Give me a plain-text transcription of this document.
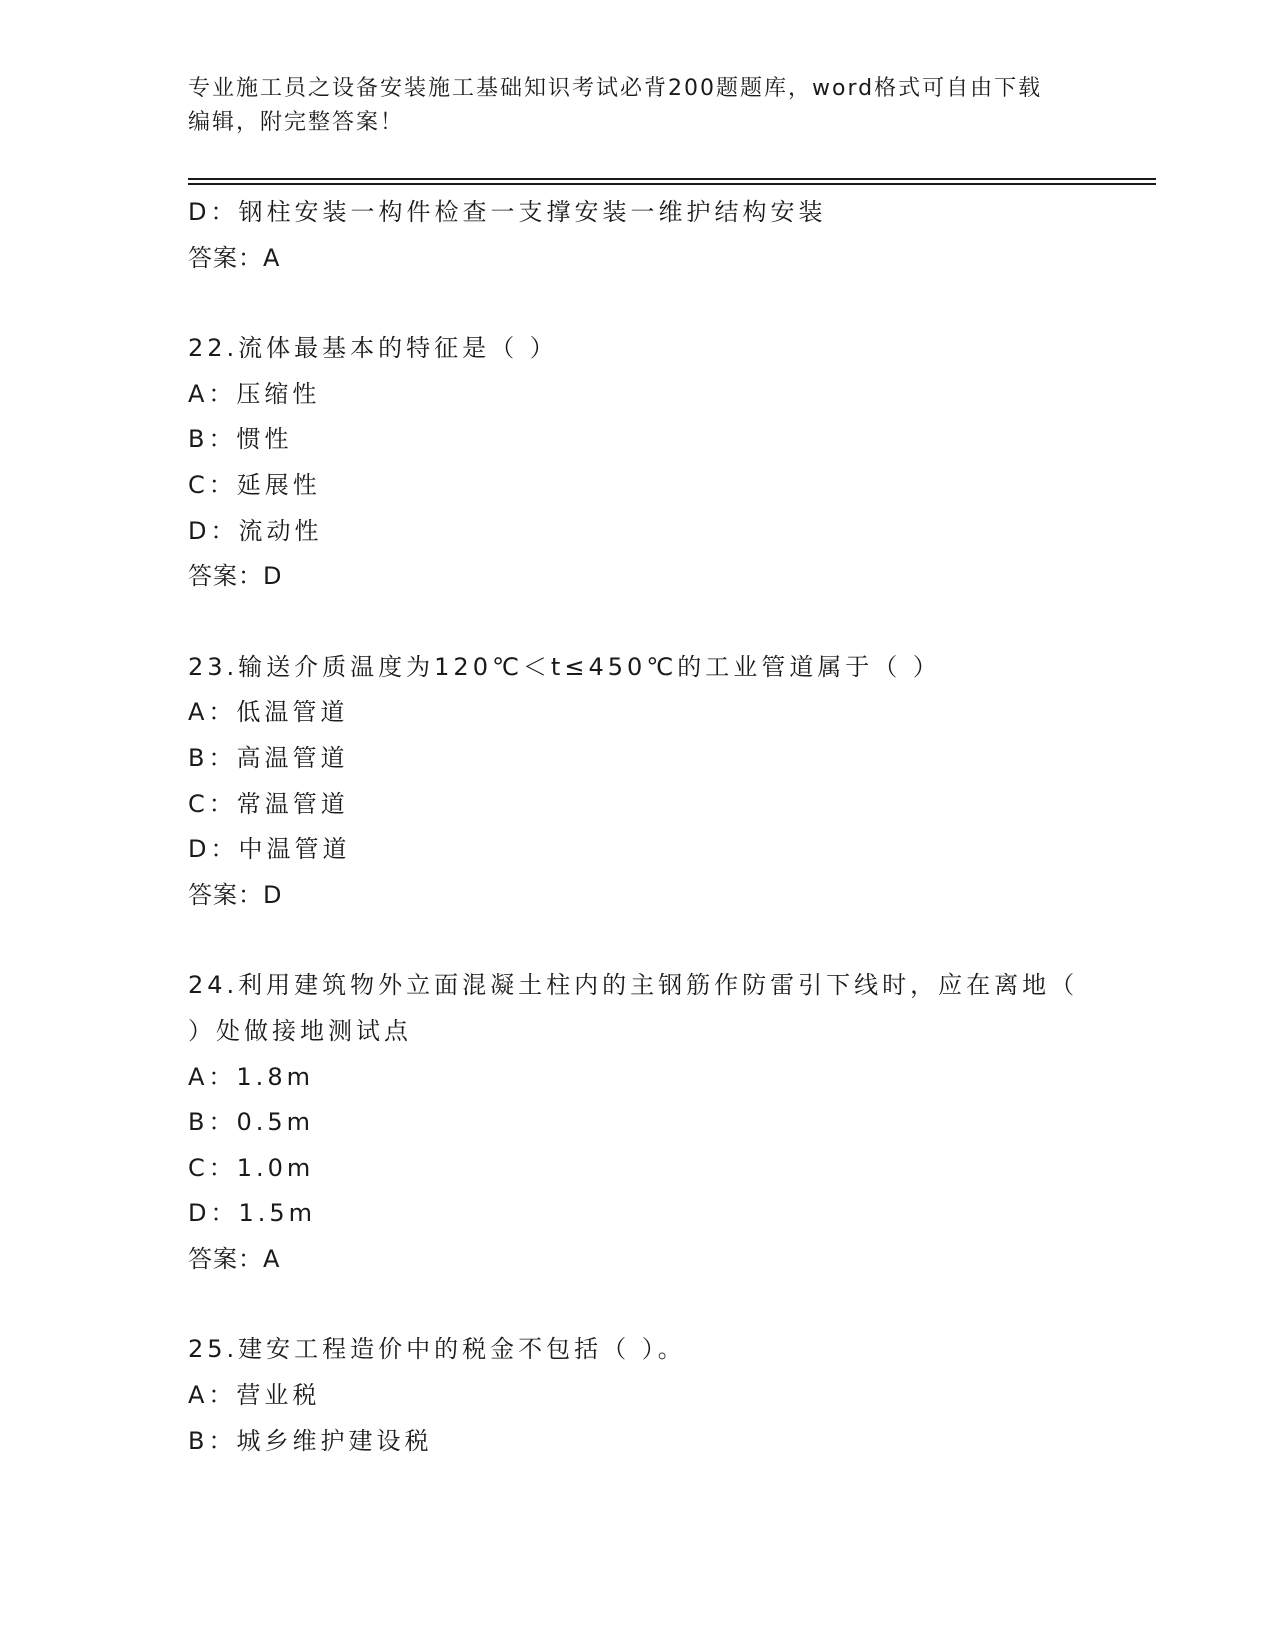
专业施工员之设备安装施工基础知识考试必背200题题库，word格式可自由下载
编辑，附完整答案！
D：钢柱安装一构件检查一支撑安装一维护结构安装
答案：A
22.流体最基本的特征是（ ）
A：压缩性
B：惯性
C：延展性
D：流动性
答案：D
23.输送介质温度为120℃＜t≤450℃的工业管道属于（ ）
A：低温管道
B：高温管道
C：常温管道
D：中温管道
答案：D
24.利用建筑物外立面混凝土柱内的主钢筋作防雷引下线时，应在离地（ ）处做接地测试点
A：1.8m
B：0.5m
C：1.0m
D：1.5m
答案：A
25.建安工程造价中的税金不包括（ ）。
A：营业税
B：城乡维护建设税
